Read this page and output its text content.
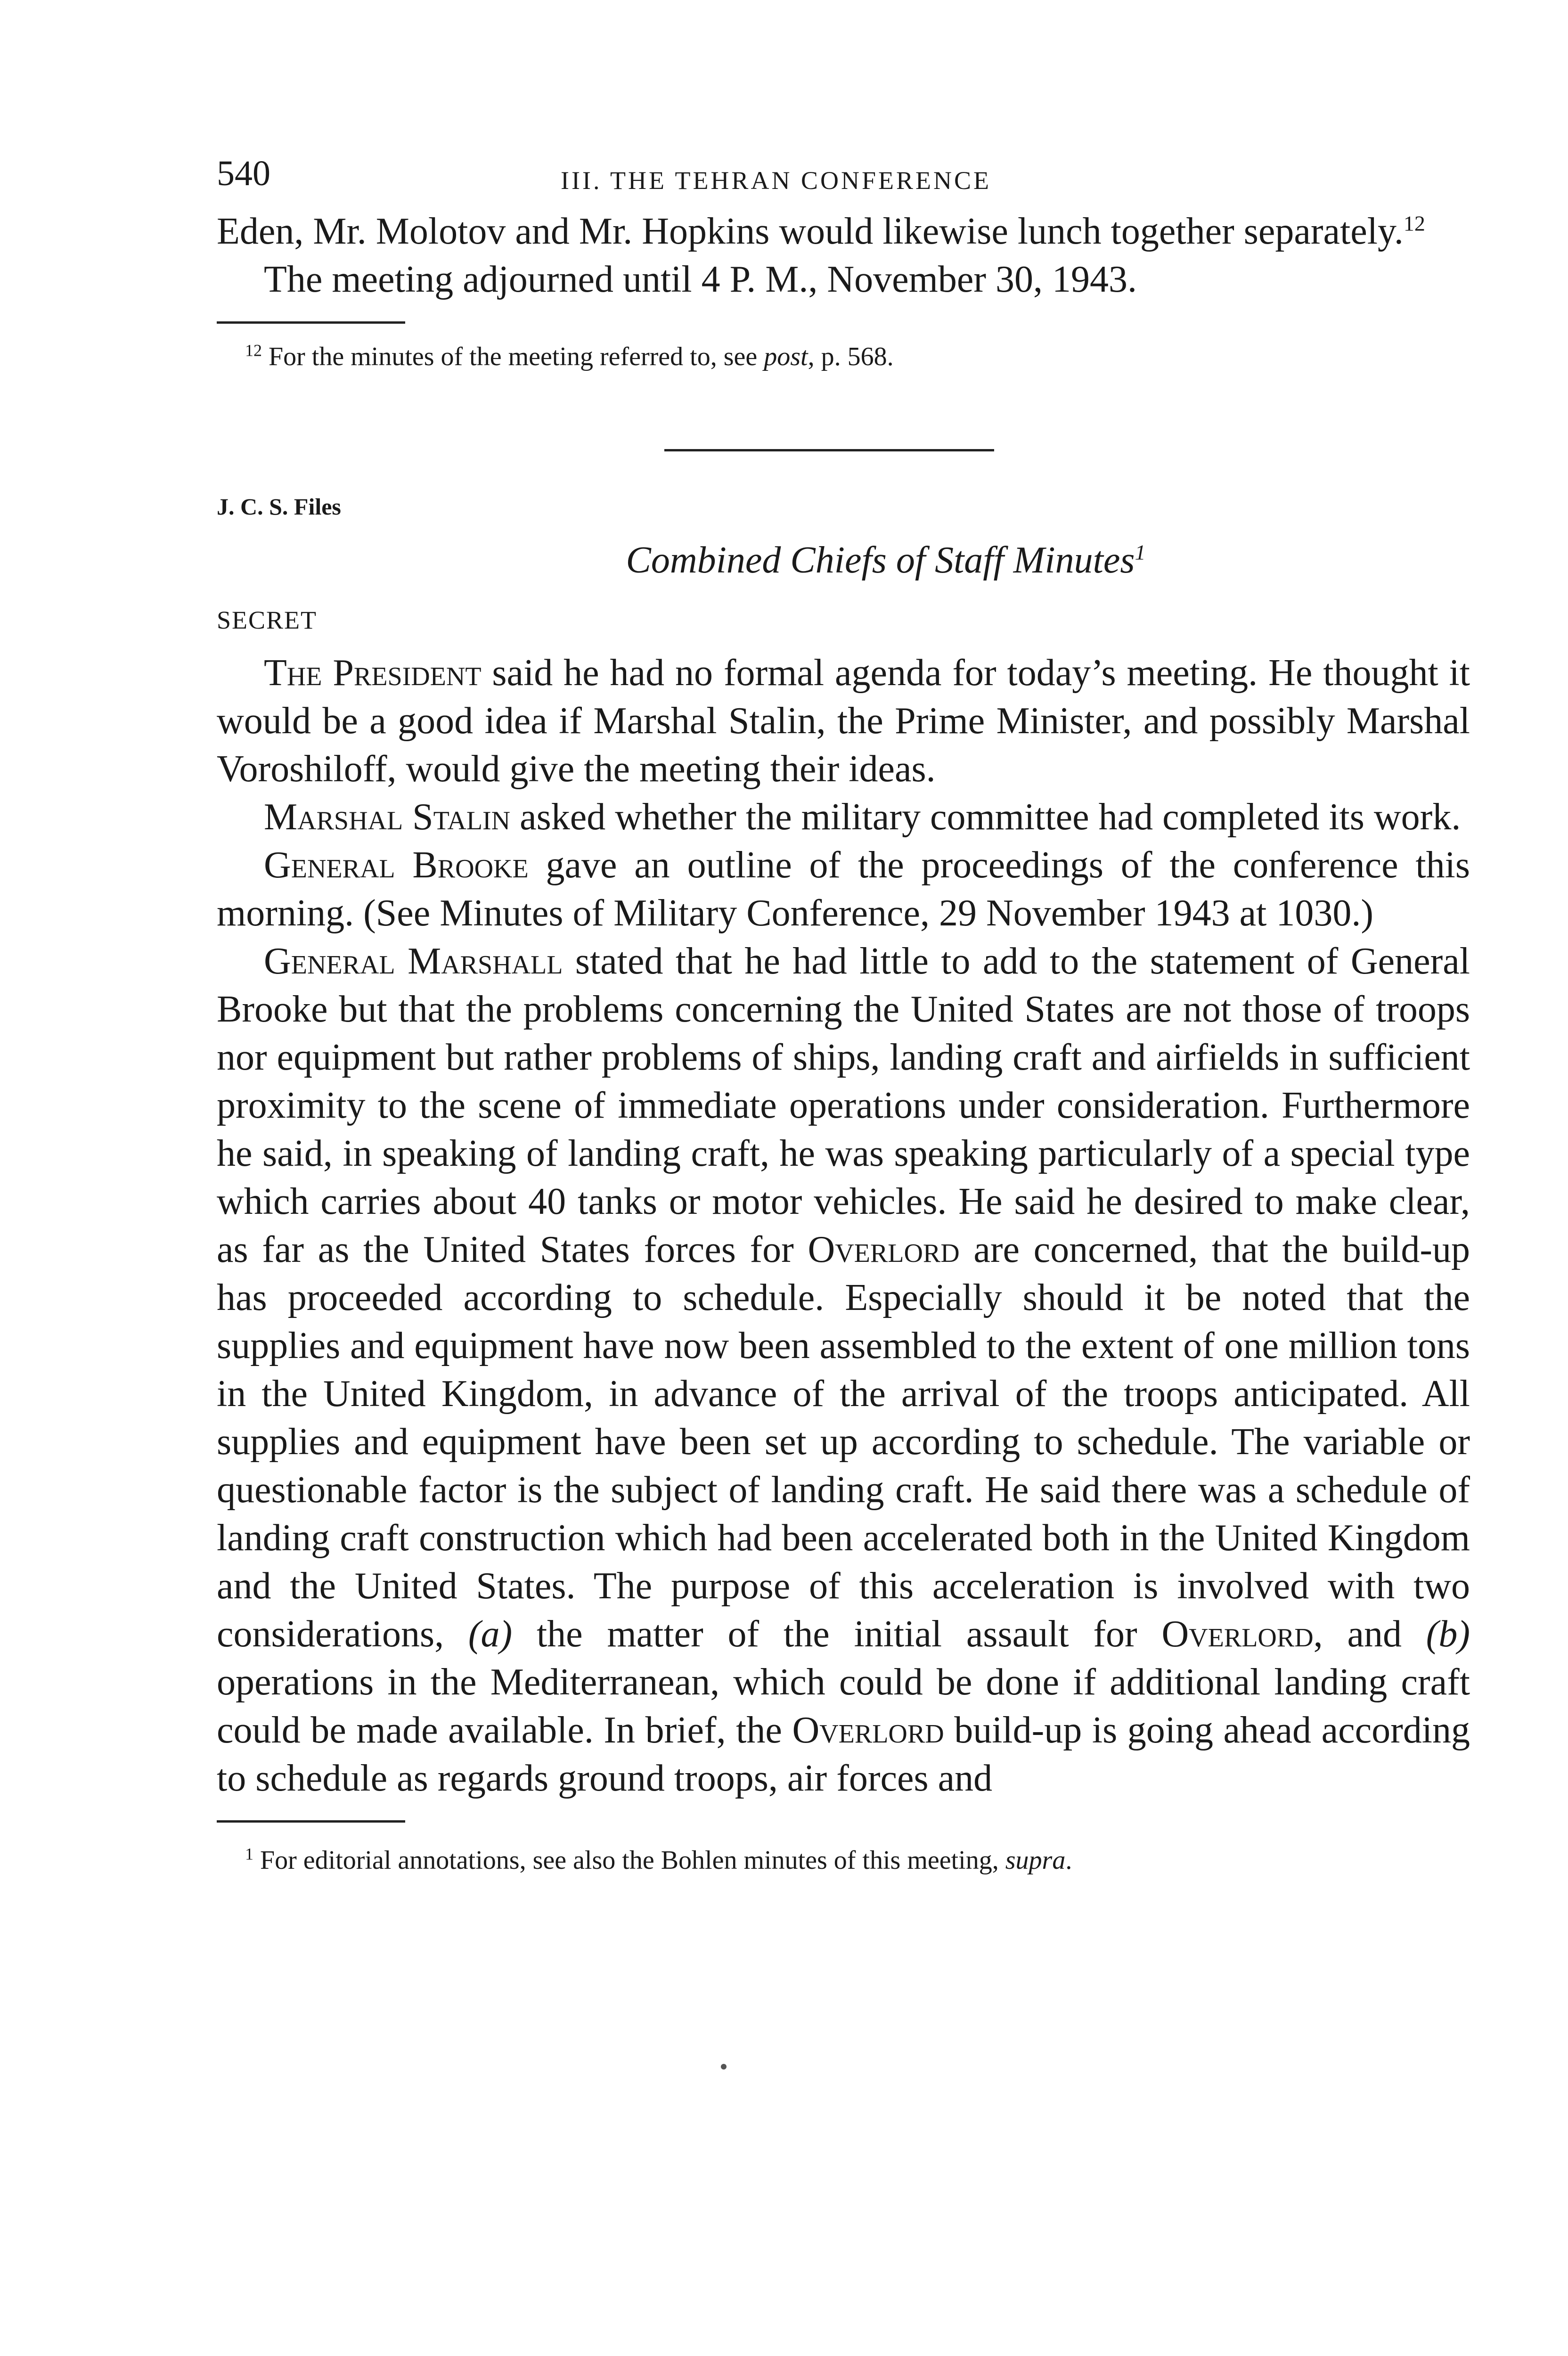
540	III. THE TEHRAN CONFERENCE

Eden, Mr. Molotov and Mr. Hopkins would likewise lunch together separately.$^{12}$

The meeting adjourned until 4 P. M., November 30, 1943.

$^{12}$ For the minutes of the meeting referred to, see post, p. 568.
J. C. S. Files
Combined Chiefs of Staff Minutes$^1$
SECRET

The President said he had no formal agenda for today’s meeting. He thought it would be a good idea if Marshal Stalin, the Prime Minister, and possibly Marshal Voroshiloff, would give the meeting their ideas.

Marshal Stalin asked whether the military committee had completed its work.

General Brooke gave an outline of the proceedings of the conference this morning. (See Minutes of Military Conference, 29 November 1943 at 1030.)

General Marshall stated that he had little to add to the statement of General Brooke but that the problems concerning the United States are not those of troops nor equipment but rather problems of ships, landing craft and airfields in sufficient proximity to the scene of immediate operations under consideration. Furthermore he said, in speaking of landing craft, he was speaking particularly of a special type which carries about 40 tanks or motor vehicles. He said he desired to make clear, as far as the United States forces for Overlord are concerned, that the build-up has proceeded according to schedule. Especially should it be noted that the supplies and equipment have now been assembled to the extent of one million tons in the United Kingdom, in advance of the arrival of the troops anticipated. All supplies and equipment have been set up according to schedule. The variable or questionable factor is the subject of landing craft. He said there was a schedule of landing craft construction which had been accelerated both in the United Kingdom and the United States. The purpose of this acceleration is involved with two considerations, (a) the matter of the initial assault for Overlord, and (b) operations in the Mediterranean, which could be done if additional landing craft could be made available. In brief, the Overlord build-up is going ahead according to schedule as regards ground troops, air forces and

$^1$ For editorial annotations, see also the Bohlen minutes of this meeting, supra.
